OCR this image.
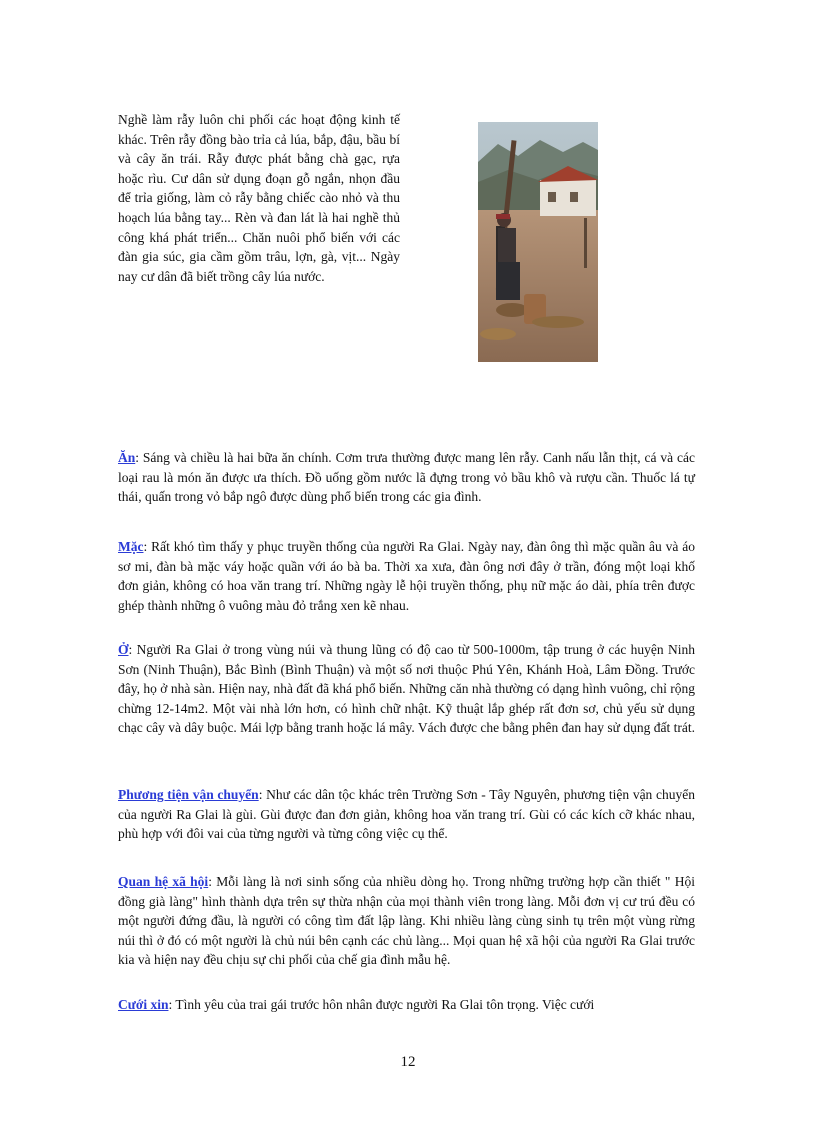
Nghề làm rẫy luôn chi phối các hoạt động kinh tế khác. Trên rẫy đồng bào trỉa cả lúa, bắp, đậu, bầu bí và cây ăn trái. Rẫy được phát bằng chà gạc, rựa hoặc rìu. Cư dân sử dụng đoạn gỗ ngắn, nhọn đầu để trỉa giống, làm cỏ rẫy bằng chiếc cào nhỏ và thu hoạch lúa bằng tay... Rèn và đan lát là hai nghề thủ công khá phát triển... Chăn nuôi phổ biến với các đàn gia súc, gia cầm gồm trâu, lợn, gà, vịt... Ngày nay cư dân đã biết trồng cây lúa nước.

Ăn: Sáng và chiều là hai bữa ăn chính. Cơm trưa thường được mang lên rẫy. Canh nấu lẫn thịt, cá và các loại rau là món ăn được ưa thích. Đồ uống gồm nước lã đựng trong vỏ bầu khô và rượu cần. Thuốc lá tự thái, quấn trong vỏ bắp ngô được dùng phổ biến trong các gia đình.

Mặc: Rất khó tìm thấy y phục truyền thống của người Ra Glai. Ngày nay, đàn ông thì mặc quần âu và áo sơ mi, đàn bà mặc váy hoặc quần với áo bà ba. Thời xa xưa, đàn ông nơi đây ở trần, đóng một loại khố đơn giản, không có hoa văn trang trí. Những ngày lễ hội truyền thống, phụ nữ mặc áo dài, phía trên được ghép thành những ô vuông màu đỏ trắng xen kẽ nhau.

Ở: Người Ra Glai ở trong vùng núi và thung lũng có độ cao từ 500-1000m, tập trung ở các huyện Ninh Sơn (Ninh Thuận), Bắc Bình (Bình Thuận) và một số nơi thuộc Phú Yên, Khánh Hoà, Lâm Đồng. Trước đây, họ ở nhà sàn. Hiện nay, nhà đất đã khá phổ biến. Những căn nhà thường có dạng hình vuông, chỉ rộng chừng 12-14m2. Một vài nhà lớn hơn, có hình chữ nhật. Kỹ thuật lắp ghép rất đơn sơ, chủ yếu sử dụng chạc cây và dây buộc. Mái lợp bằng tranh hoặc lá mây. Vách được che bằng phên đan hay sử dụng đất trát.

Phương tiện vận chuyển: Như các dân tộc khác trên Trường Sơn - Tây Nguyên, phương tiện vận chuyển của người Ra Glai là gùi. Gùi được đan đơn giản, không hoa văn trang trí. Gùi có các kích cỡ khác nhau, phù hợp với đôi vai của từng người và từng công việc cụ thể.

Quan hệ xã hội: Mỗi làng là nơi sinh sống của nhiều dòng họ. Trong những trường hợp cần thiết " Hội đồng già làng" hình thành dựa trên sự thừa nhận của mọi thành viên trong làng. Mỗi đơn vị cư trú đều có một người đứng đầu, là người có công tìm đất lập làng. Khi nhiều làng cùng sinh tụ trên một vùng rừng núi thì ở đó có một người là chủ núi bên cạnh các chủ làng... Mọi quan hệ xã hội của người Ra Glai trước kia và hiện nay đều chịu sự chi phối của chế gia đình mẫu hệ.

Cưới xin: Tình yêu của trai gái trước hôn nhân được người Ra Glai tôn trọng. Việc cưới

12
